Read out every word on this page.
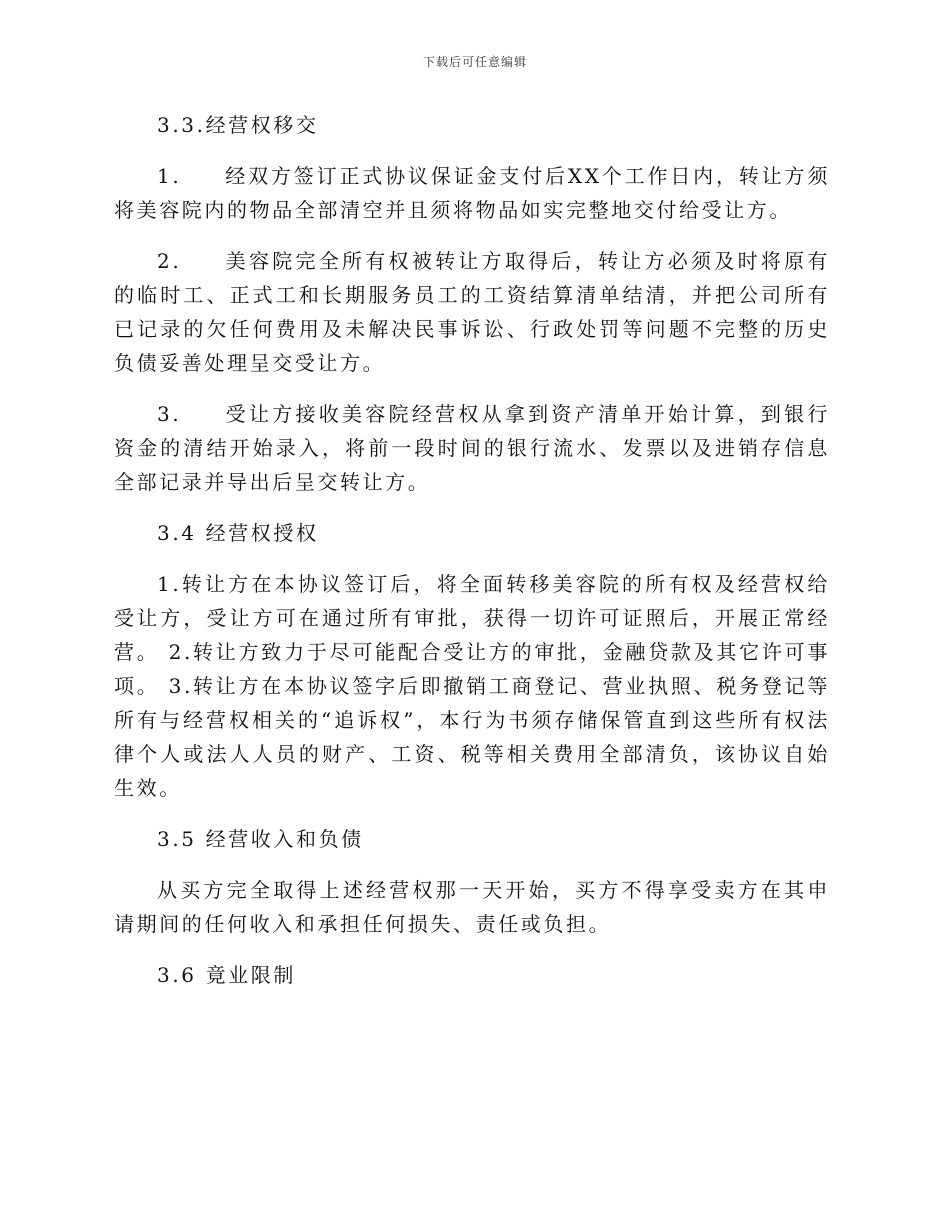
下载后可任意编辑

3.3.经营权移交

1. 经双方签订正式协议保证金支付后XX个工作日内，转让方须将美容院内的物品全部清空并且须将物品如实完整地交付给受让方。

2. 美容院完全所有权被转让方取得后，转让方必须及时将原有的临时工、正式工和长期服务员工的工资结算清单结清，并把公司所有已记录的欠任何费用及未解决民事诉讼、行政处罚等问题不完整的历史负债妥善处理呈交受让方。

3. 受让方接收美容院经营权从拿到资产清单开始计算，到银行资金的清结开始录入，将前一段时间的银行流水、发票以及进销存信息全部记录并导出后呈交转让方。

3.4 经营权授权

1.转让方在本协议签订后，将全面转移美容院的所有权及经营权给受让方，受让方可在通过所有审批，获得一切许可证照后，开展正常经营。 2.转让方致力于尽可能配合受让方的审批，金融贷款及其它许可事项。 3.转让方在本协议签字后即撤销工商登记、营业执照、税务登记等所有与经营权相关的“追诉权”，本行为书须存储保管直到这些所有权法律个人或法人人员的财产、工资、税等相关费用全部清负，该协议自始生效。

3.5 经营收入和负债

从买方完全取得上述经营权那一天开始，买方不得享受卖方在其申请期间的任何收入和承担任何损失、责任或负担。

3.6 竟业限制
